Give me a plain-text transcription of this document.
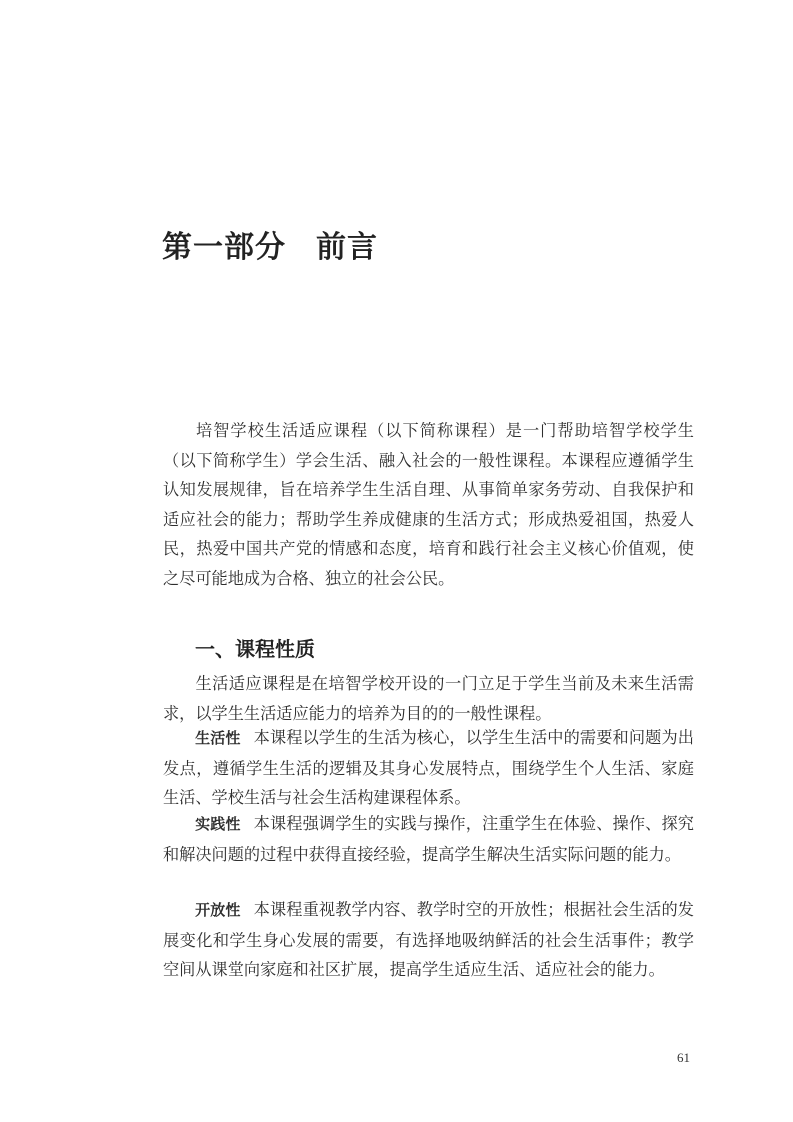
第一部分 前言

培智学校生活适应课程（以下简称课程）是一门帮助培智学校学生（以下简称学生）学会生活、融入社会的一般性课程。本课程应遵循学生认知发展规律，旨在培养学生生活自理、从事简单家务劳动、自我保护和适应社会的能力；帮助学生养成健康的生活方式；形成热爱祖国，热爱人民，热爱中国共产党的情感和态度，培育和践行社会主义核心价值观，使之尽可能地成为合格、独立的社会公民。

一、课程性质

生活适应课程是在培智学校开设的一门立足于学生当前及未来生活需求，以学生生活适应能力的培养为目的的一般性课程。

生活性 本课程以学生的生活为核心，以学生生活中的需要和问题为出发点，遵循学生生活的逻辑及其身心发展特点，围绕学生个人生活、家庭生活、学校生活与社会生活构建课程体系。

实践性 本课程强调学生的实践与操作，注重学生在体验、操作、探究和解决问题的过程中获得直接经验，提高学生解决生活实际问题的能力。

开放性 本课程重视教学内容、教学时空的开放性；根据社会生活的发展变化和学生身心发展的需要，有选择地吸纳鲜活的社会生活事件；教学空间从课堂向家庭和社区扩展，提高学生适应生活、适应社会的能力。

61
